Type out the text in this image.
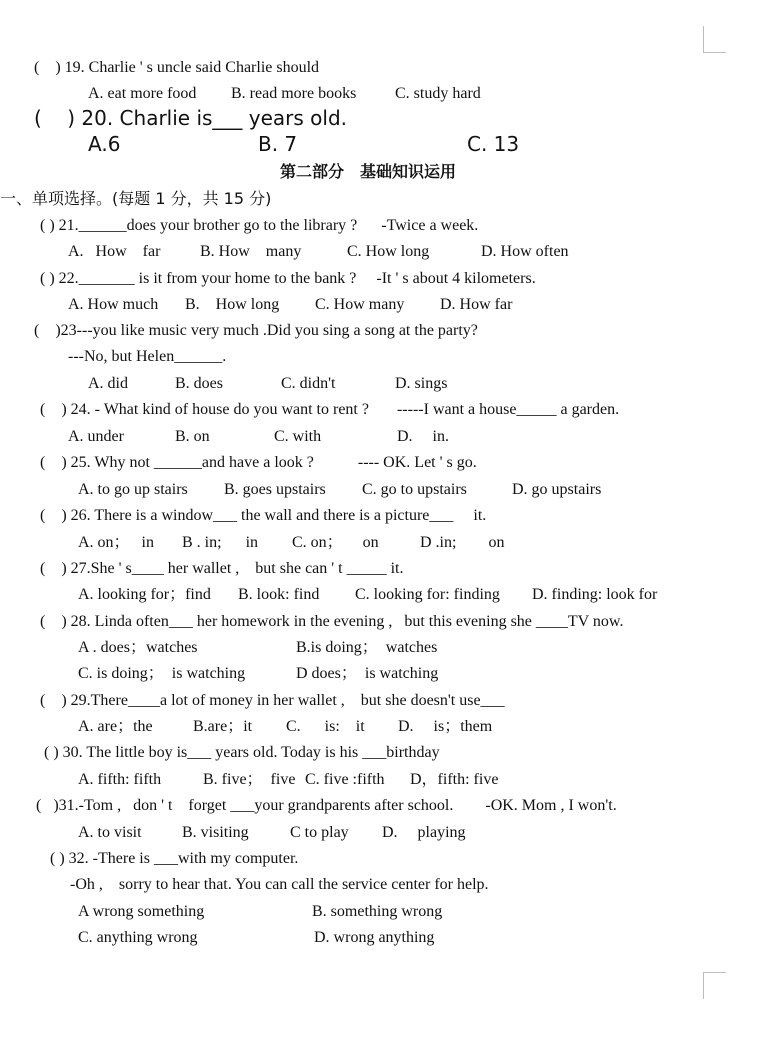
(    ) 19. Charlie ' s uncle said Charlie should
A. eat more food B. read more books C. study hard
(    ) 20. Charlie is___ years old.
A.6	B. 7	C. 13
第二部分　基础知识运用
一、单项选择。(每题 1 分，共 15 分)
( ) 21.______does your brother go to the library ?      -Twice a week.
A.   How    far B. How    many	C. How long	D. How often
( ) 22._______ is it from your home to the bank ?     -It ' s about 4 kilometers.
A. How much B.    How long C. How many D. How far
(    )23---you like music very much .Did you sing a song at the party?
---No, but Helen______.
A. did	B. does	C. didn't	D. sings
(    ) 24. - What kind of house do you want to rent ?       -----I want a house_____ a garden.
A. under	B. on	C. with	D.     in.
(    ) 25. Why not ______and have a look ?           ---- OK. Let ' s go.
A. to go up stairs B. goes upstairs C. go to upstairs	D. go upstairs
(    ) 26. There is a window___ the wall and there is a picture___     it.
A. on；   in B . in;      in C. on；     on	D .in;        on
(    ) 27.She ' s____ her wallet ,    but she can ' t _____ it.
A. looking for；find B. look: find C. looking for: finding D. finding: look for
(    ) 28. Linda often___ her homework in the evening ,   but this evening she ____TV now.
A . does；watches	B.is doing；  watches
C. is doing；  is watching	D does；  is watching
(    ) 29.There____a lot of money in her wallet ,    but she doesn't use___
A. are；the	B.are；it C.      is:    it D.     is；them
( ) 30. The little boy is___ years old. Today is his ___birthday
A. fifth: fifth	B. five；  five C. five :fifth D，fifth: five
(   )31.-Tom ,   don ' t    forget ___your grandparents after school.        -OK. Mom , I won't.
A. to visit	B. visiting	C to play D.     playing
( ) 32. -There is ___with my computer.
-Oh ,    sorry to hear that. You can call the service center for help.
A wrong something	B. something wrong
C. anything wrong	D. wrong anything
